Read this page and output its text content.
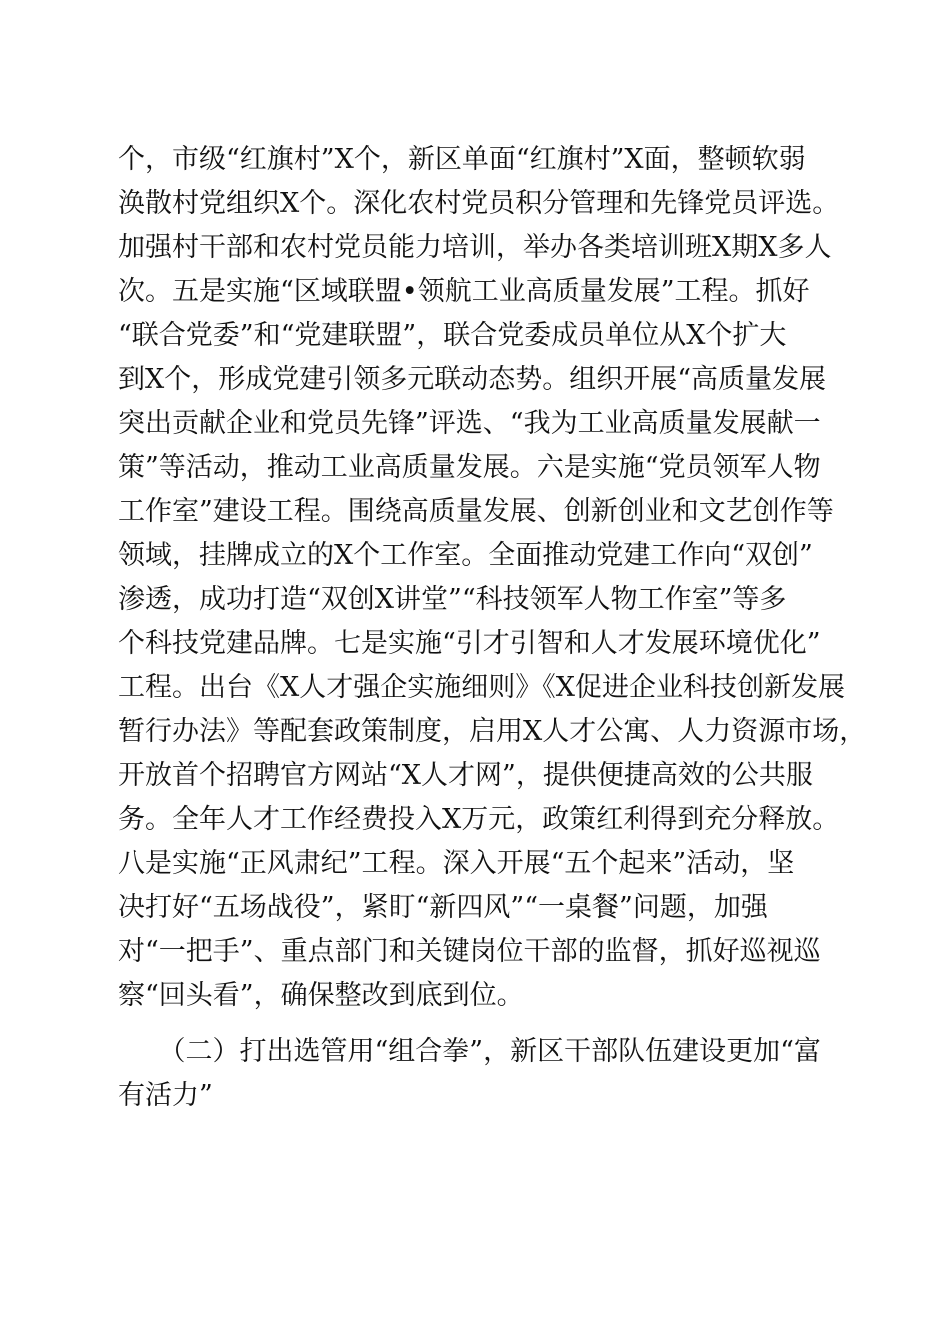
个，市级“红旗村”X个，新区单面“红旗村”X面，整顿软弱
涣散村党组织X个。深化农村党员积分管理和先锋党员评选。
加强村干部和农村党员能力培训，举办各类培训班X期X多人
次。五是实施“区域联盟•领航工业高质量发展”工程。抓好
“联合党委”和“党建联盟”，联合党委成员单位从X个扩大
到X个，形成党建引领多元联动态势。组织开展“高质量发展
突出贡献企业和党员先锋”评选、“我为工业高质量发展献一
策”等活动，推动工业高质量发展。六是实施“党员领军人物
工作室”建设工程。围绕高质量发展、创新创业和文艺创作等
领域，挂牌成立的X个工作室。全面推动党建工作向“双创”
渗透，成功打造“双创X讲堂”“科技领军人物工作室”等多
个科技党建品牌。七是实施“引才引智和人才发展环境优化”
工程。出台《X人才强企实施细则》《X促进企业科技创新发展
暂行办法》等配套政策制度，启用X人才公寓、人力资源市场，
开放首个招聘官方网站“X人才网”，提供便捷高效的公共服
务。全年人才工作经费投入X万元，政策红利得到充分释放。
八是实施“正风肃纪”工程。深入开展“五个起来”活动，坚
决打好“五场战役”，紧盯“新四风”“一桌餐”问题，加强
对“一把手”、重点部门和关键岗位干部的监督，抓好巡视巡
察“回头看”，确保整改到底到位。
　　（二）打出选管用“组合拳”，新区干部队伍建设更加“富
有活力”
